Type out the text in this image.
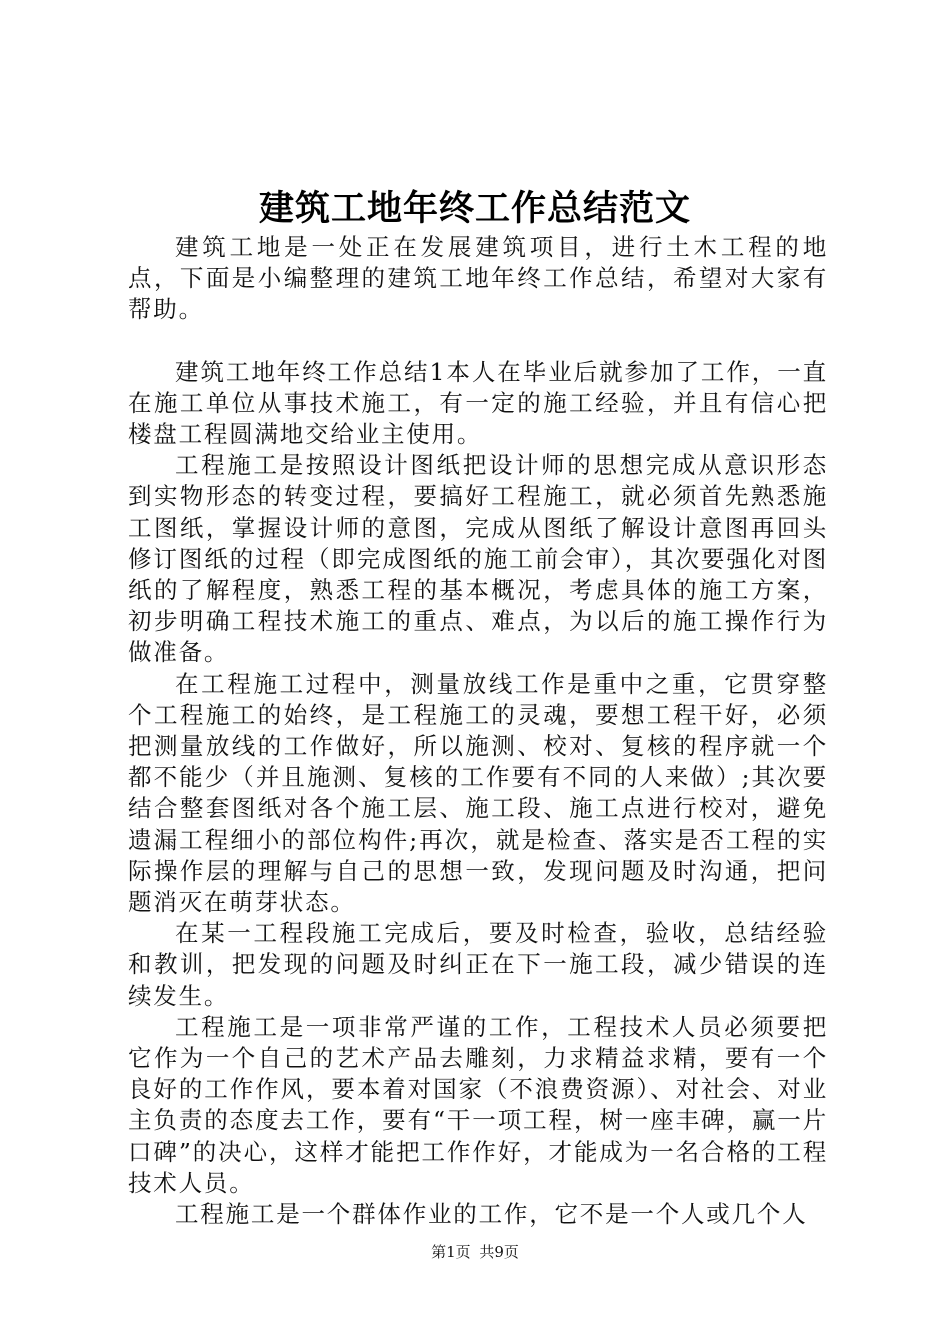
建筑工地年终工作总结范文

建筑工地是一处正在发展建筑项目，进行土木工程的地点，下面是小编整理的建筑工地年终工作总结，希望对大家有帮助。

建筑工地年终工作总结1本人在毕业后就参加了工作，一直在施工单位从事技术施工，有一定的施工经验，并且有信心把楼盘工程圆满地交给业主使用。

工程施工是按照设计图纸把设计师的思想完成从意识形态到实物形态的转变过程，要搞好工程施工，就必须首先熟悉施工图纸，掌握设计师的意图，完成从图纸了解设计意图再回头修订图纸的过程（即完成图纸的施工前会审），其次要强化对图纸的了解程度，熟悉工程的基本概况，考虑具体的施工方案，初步明确工程技术施工的重点、难点，为以后的施工操作行为做准备。

在工程施工过程中，测量放线工作是重中之重，它贯穿整个工程施工的始终，是工程施工的灵魂，要想工程干好，必须把测量放线的工作做好，所以施测、校对、复核的程序就一个都不能少（并且施测、复核的工作要有不同的人来做）;其次要结合整套图纸对各个施工层、施工段、施工点进行校对，避免遗漏工程细小的部位构件;再次，就是检查、落实是否工程的实际操作层的理解与自己的思想一致，发现问题及时沟通，把问题消灭在萌芽状态。

在某一工程段施工完成后，要及时检查，验收，总结经验和教训，把发现的问题及时纠正在下一施工段，减少错误的连续发生。

工程施工是一项非常严谨的工作，工程技术人员必须要把它作为一个自己的艺术产品去雕刻，力求精益求精，要有一个良好的工作作风，要本着对国家（不浪费资源）、对社会、对业主负责的态度去工作，要有“干一项工程，树一座丰碑，赢一片口碑”的决心，这样才能把工作作好，才能成为一名合格的工程技术人员。

工程施工是一个群体作业的工作，它不是一个人或几个人

第1页 共9页
